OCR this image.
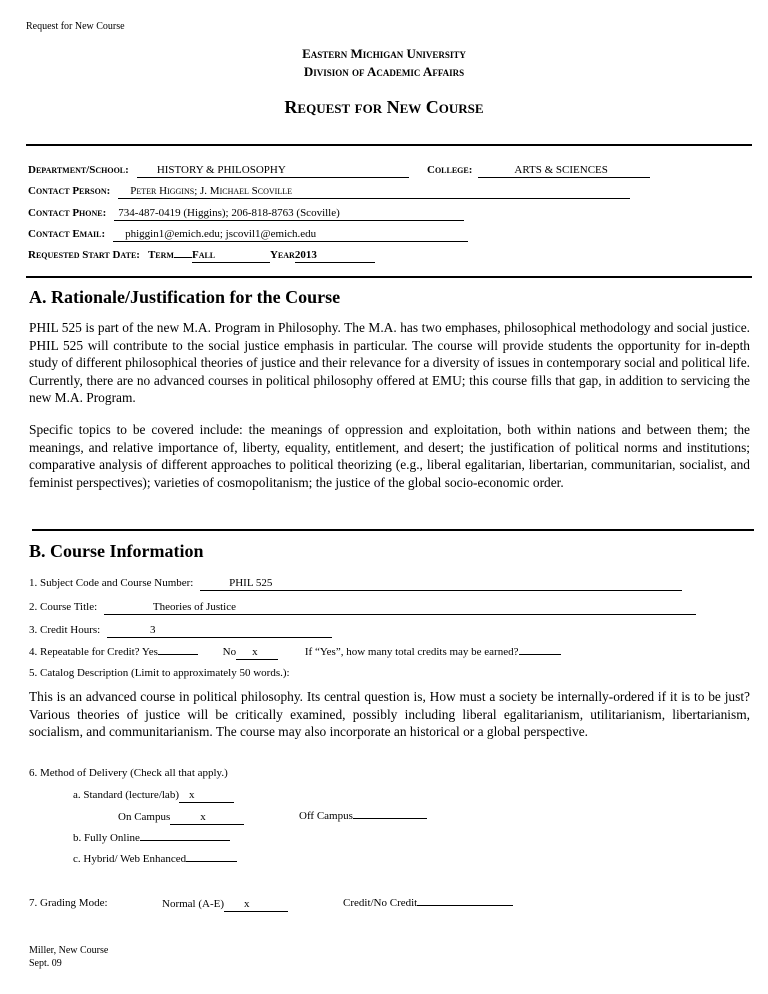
Request for New Course
Eastern Michigan University
Division of Academic Affairs
Request for New Course
Department/School:	HISTORY & PHILOSOPHY	College:	ARTS & SCIENCES
Contact Person: Peter Higgins; J. Michael Scoville
Contact Phone: 734-487-0419 (Higgins); 206-818-8763 (Scoville)
Contact Email: phiggin1@emich.edu; jscovil1@emich.edu
Requested Start Date: Term Fall	Year2013
A. Rationale/Justification for the Course
PHIL 525 is part of the new M.A. Program in Philosophy. The M.A. has two emphases, philosophical methodology and social justice. PHIL 525 will contribute to the social justice emphasis in particular. The course will provide students the opportunity for in-depth study of different philosophical theories of justice and their relevance for a diversity of issues in contemporary social and political life. Currently, there are no advanced courses in political philosophy offered at EMU; this course fills that gap, in addition to servicing the new M.A. Program.
Specific topics to be covered include: the meanings of oppression and exploitation, both within nations and between them; the meanings, and relative importance of, liberty, equality, entitlement, and desert; the justification of political norms and institutions; comparative analysis of different approaches to political theorizing (e.g., liberal egalitarian, libertarian, communitarian, socialist, and feminist perspectives); varieties of cosmopolitanism; the justice of the global socio-economic order.
B. Course Information
1. Subject Code and Course Number:	PHIL 525
2. Course Title:	Theories of Justice
3. Credit Hours:	3
4. Repeatable for Credit? Yes	No x	If “Yes”, how many total credits may be earned?
5. Catalog Description (Limit to approximately 50 words.):
This is an advanced course in political philosophy. Its central question is, How must a society be internally-ordered if it is to be just? Various theories of justice will be critically examined, possibly including liberal egalitarianism, utilitarianism, libertarianism, socialism, and communitarianism. The course may also incorporate an historical or a global perspective.
6. Method of Delivery (Check all that apply.)
a. Standard (lecture/lab) x
On Campus	x	Off Campus
b. Fully Online
c. Hybrid/ Web Enhanced
7. Grading Mode:	Normal (A-E) x	Credit/No Credit
Miller, New Course
Sept. 09
